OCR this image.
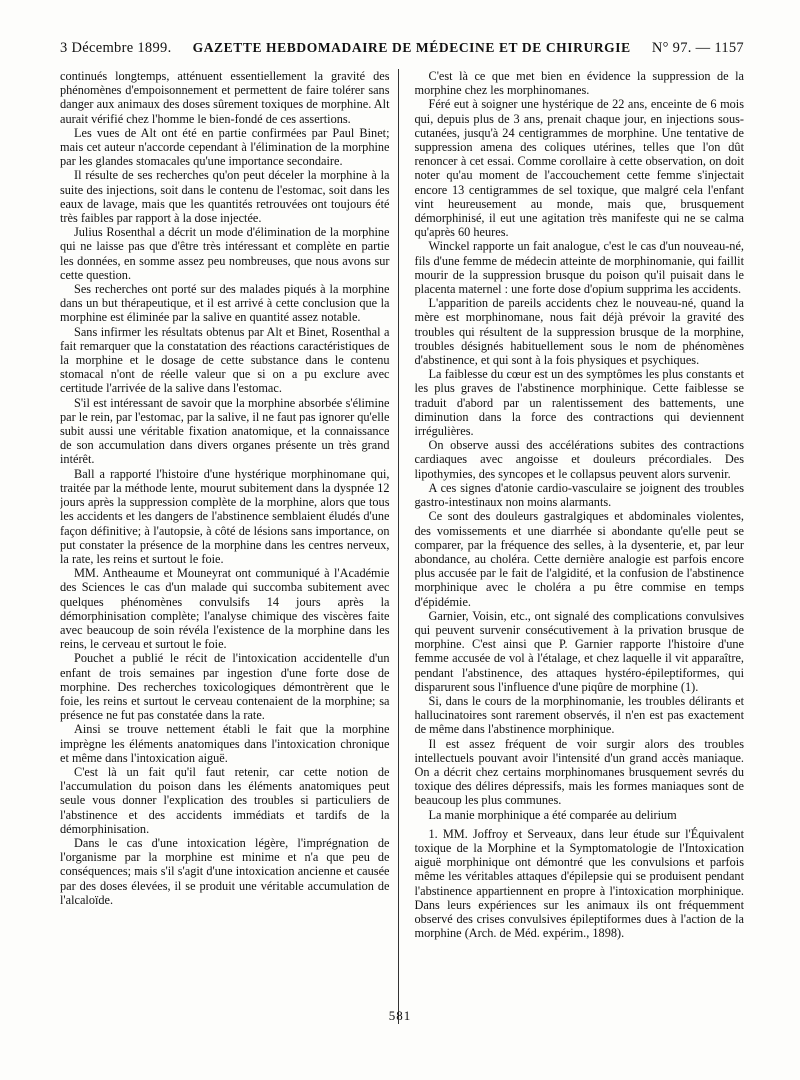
3 Décembre 1899. GAZETTE HEBDOMADAIRE DE MÉDECINE ET DE CHIRURGIE N° 97. — 1157

continués longtemps, atténuent essentiellement la gravité des phénomènes d'empoisonnement et permettent de faire tolérer sans danger aux animaux des doses sûrement toxiques de morphine. Alt aurait vérifié chez l'homme le bien-fondé de ces assertions.

Les vues de Alt ont été en partie confirmées par Paul Binet; mais cet auteur n'accorde cependant à l'élimination de la morphine par les glandes stomacales qu'une importance secondaire.

Il résulte de ses recherches qu'on peut déceler la morphine à la suite des injections, soit dans le contenu de l'estomac, soit dans les eaux de lavage, mais que les quantités retrouvées ont toujours été très faibles par rapport à la dose injectée.

Julius Rosenthal a décrit un mode d'élimination de la morphine qui ne laisse pas que d'être très intéressant et complète en partie les données, en somme assez peu nombreuses, que nous avons sur cette question.

Ses recherches ont porté sur des malades piqués à la morphine dans un but thérapeutique, et il est arrivé à cette conclusion que la morphine est éliminée par la salive en quantité assez notable.

Sans infirmer les résultats obtenus par Alt et Binet, Rosenthal a fait remarquer que la constatation des réactions caractéristiques de la morphine et le dosage de cette substance dans le contenu stomacal n'ont de réelle valeur que si on a pu exclure avec certitude l'arrivée de la salive dans l'estomac.

S'il est intéressant de savoir que la morphine absorbée s'élimine par le rein, par l'estomac, par la salive, il ne faut pas ignorer qu'elle subit aussi une véritable fixation anatomique, et la connaissance de son accumulation dans divers organes présente un très grand intérêt.

Ball a rapporté l'histoire d'une hystérique morphinomane qui, traitée par la méthode lente, mourut subitement dans la dyspnée 12 jours après la suppression complète de la morphine, alors que tous les accidents et les dangers de l'abstinence semblaient éludés d'une façon définitive; à l'autopsie, à côté de lésions sans importance, on put constater la présence de la morphine dans les centres nerveux, la rate, les reins et surtout le foie.

MM. Antheaume et Mouneyrat ont communiqué à l'Académie des Sciences le cas d'un malade qui succomba subitement avec quelques phénomènes convulsifs 14 jours après la démorphinisation complète; l'analyse chimique des viscères faite avec beaucoup de soin révéla l'existence de la morphine dans les reins, le cerveau et surtout le foie.

Pouchet a publié le récit de l'intoxication accidentelle d'un enfant de trois semaines par ingestion d'une forte dose de morphine. Des recherches toxicologiques démontrèrent que le foie, les reins et surtout le cerveau contenaient de la morphine; sa présence ne fut pas constatée dans la rate.

Ainsi se trouve nettement établi le fait que la morphine imprègne les éléments anatomiques dans l'intoxication chronique et même dans l'intoxication aiguë.

C'est là un fait qu'il faut retenir, car cette notion de l'accumulation du poison dans les éléments anatomiques peut seule vous donner l'explication des troubles si particuliers de l'abstinence et des accidents immédiats et tardifs de la démorphinisation.

Dans le cas d'une intoxication légère, l'imprégnation de l'organisme par la morphine est minime et n'a que peu de conséquences; mais s'il s'agit d'une intoxication ancienne et causée par des doses élevées, il se produit une véritable accumulation de l'alcaloïde.

C'est là ce que met bien en évidence la suppression de la morphine chez les morphinomanes.

Féré eut à soigner une hystérique de 22 ans, enceinte de 6 mois qui, depuis plus de 3 ans, prenait chaque jour, en injections sous-cutanées, jusqu'à 24 centigrammes de morphine. Une tentative de suppression amena des coliques utérines, telles que l'on dût renoncer à cet essai. Comme corollaire à cette observation, on doit noter qu'au moment de l'accouchement cette femme s'injectait encore 13 centigrammes de sel toxique, que malgré cela l'enfant vint heureusement au monde, mais que, brusquement démorphinisé, il eut une agitation très manifeste qui ne se calma qu'après 60 heures.

Winckel rapporte un fait analogue, c'est le cas d'un nouveau-né, fils d'une femme de médecin atteinte de morphinomanie, qui faillit mourir de la suppression brusque du poison qu'il puisait dans le placenta maternel : une forte dose d'opium supprima les accidents.

L'apparition de pareils accidents chez le nouveau-né, quand la mère est morphinomane, nous fait déjà prévoir la gravité des troubles qui résultent de la suppression brusque de la morphine, troubles désignés habituellement sous le nom de phénomènes d'abstinence, et qui sont à la fois physiques et psychiques.

La faiblesse du cœur est un des symptômes les plus constants et les plus graves de l'abstinence morphinique. Cette faiblesse se traduit d'abord par un ralentissement des battements, une diminution dans la force des contractions qui deviennent irrégulières.

On observe aussi des accélérations subites des contractions cardiaques avec angoisse et douleurs précordiales. Des lipothymies, des syncopes et le collapsus peuvent alors survenir.

A ces signes d'atonie cardio-vasculaire se joignent des troubles gastro-intestinaux non moins alarmants.

Ce sont des douleurs gastralgiques et abdominales violentes, des vomissements et une diarrhée si abondante qu'elle peut se comparer, par la fréquence des selles, à la dysenterie, et, par leur abondance, au choléra. Cette dernière analogie est parfois encore plus accusée par le fait de l'algidité, et la confusion de l'abstinence morphinique avec le choléra a pu être commise en temps d'épidémie.

Garnier, Voisin, etc., ont signalé des complications convulsives qui peuvent survenir consécutivement à la privation brusque de morphine. C'est ainsi que P. Garnier rapporte l'histoire d'une femme accusée de vol à l'étalage, et chez laquelle il vit apparaître, pendant l'abstinence, des attaques hystéro-épileptiformes, qui disparurent sous l'influence d'une piqûre de morphine (1).

Si, dans le cours de la morphinomanie, les troubles délirants et hallucinatoires sont rarement observés, il n'en est pas exactement de même dans l'abstinence morphinique.

Il est assez fréquent de voir surgir alors des troubles intellectuels pouvant avoir l'intensité d'un grand accès maniaque. On a décrit chez certains morphinomanes brusquement sevrés du toxique des délires dépressifs, mais les formes maniaques sont de beaucoup les plus communes.

La manie morphinique a été comparée au delirium

1. MM. Joffroy et Serveaux, dans leur étude sur l'Équivalent toxique de la Morphine et la Symptomatologie de l'Intoxication aiguë morphinique ont démontré que les convulsions et parfois même les véritables attaques d'épilepsie qui se produisent pendant l'abstinence appartiennent en propre à l'intoxication morphinique. Dans leurs expériences sur les animaux ils ont fréquemment observé des crises convulsives épileptiformes dues à l'action de la morphine (Arch. de Méd. expérim., 1898).

581
